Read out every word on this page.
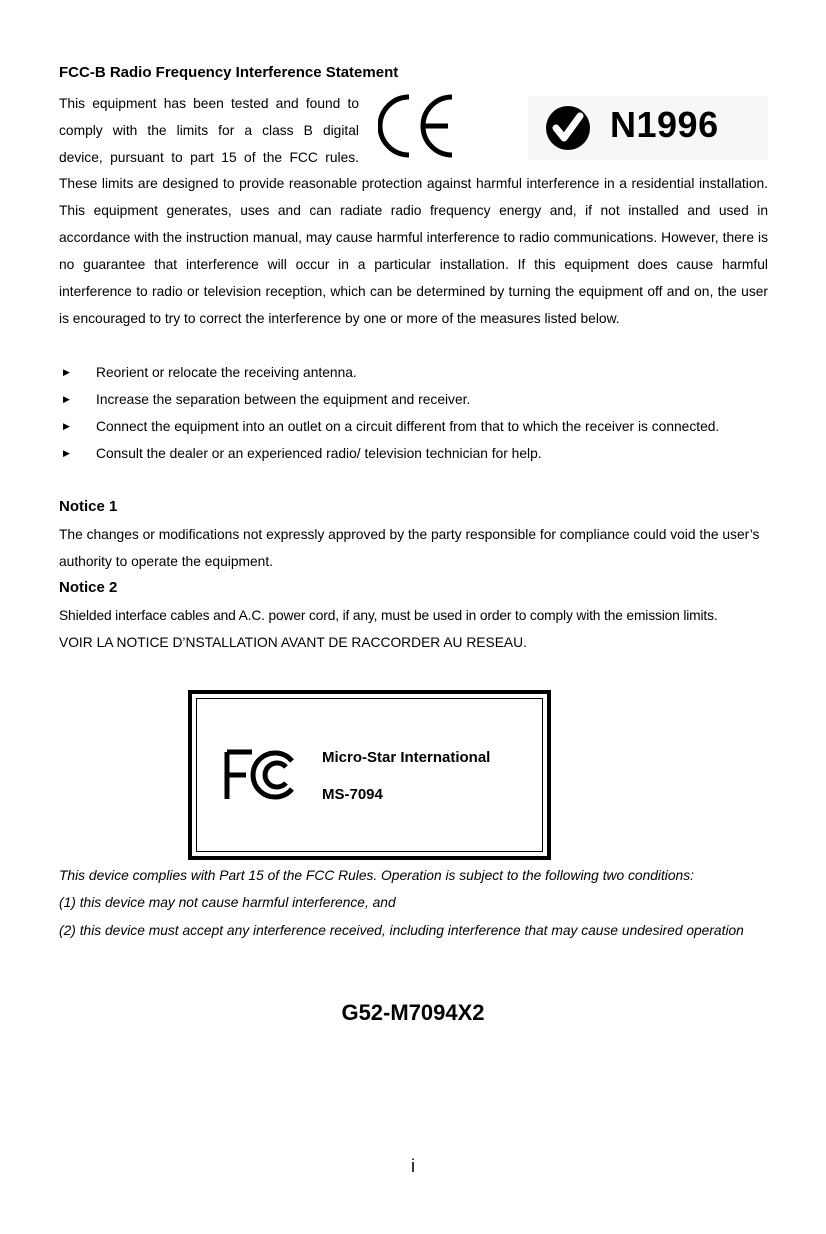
FCC-B Radio Frequency Interference Statement
This equipment has been tested and found to
comply with the limits for a class B digital
device, pursuant to part 15 of the FCC rules.
N1996
These limits are designed to provide reasonable protection against harmful interference in a residential installation. This equipment generates, uses and can radiate radio frequency energy and, if not installed and used in accordance with the instruction manual, may cause harmful interference to radio communications. However, there is no guarantee that interference will occur in a particular installation. If this equipment does cause harmful interference to radio or television reception, which can be determined by turning the equipment off and on, the user is encouraged to try to correct the interference by one or more of the measures listed below.
▶ Reorient or relocate the receiving antenna.
▶ Increase the separation between the equipment and receiver.
▶ Connect the equipment into an outlet on a circuit different from that to which the receiver is connected.
▶ Consult the dealer or an experienced radio/ television technician for help.
Notice 1
The changes or modifications not expressly approved by the party responsible for compliance could void the user’s authority to operate the equipment.
Notice 2
Shielded interface cables and A.C. power cord, if any, must be used in order to comply with the emission limits.
VOIR LA NOTICE D’NSTALLATION AVANT DE RACCORDER AU RESEAU.
Micro-Star International
MS-7094
This device complies with Part 15 of the FCC Rules. Operation is subject to the following two conditions:
(1) this device may not cause harmful interference, and
(2) this device must accept any interference received, including interference that may cause undesired operation
G52-M7094X2
i
